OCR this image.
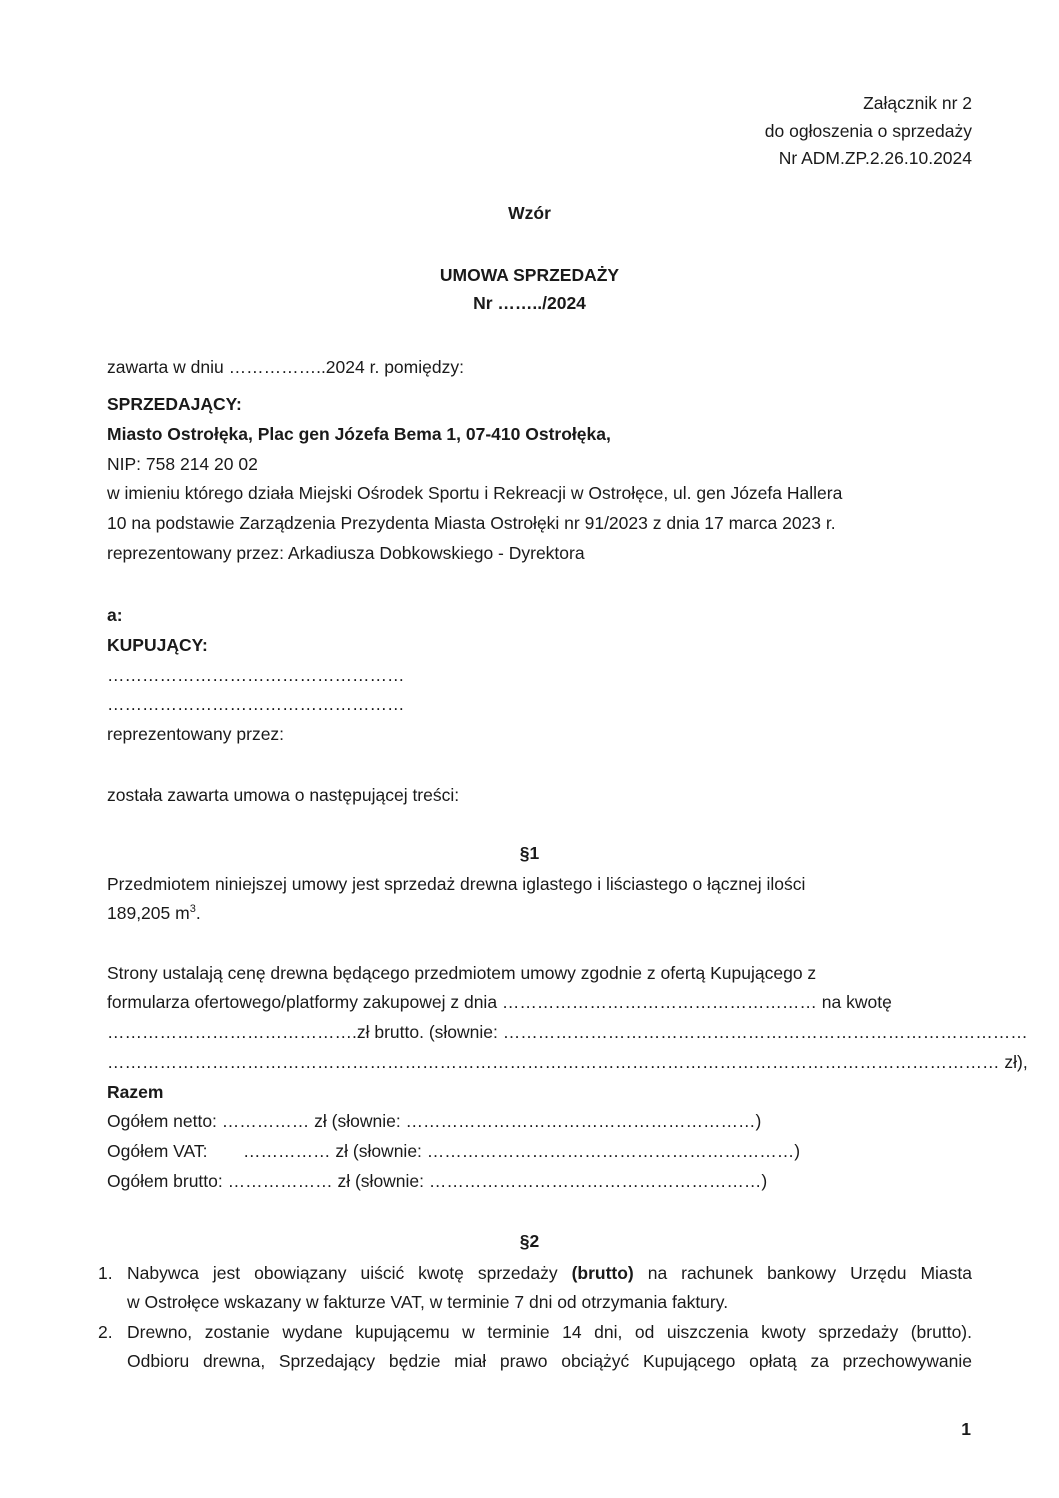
Załącznik nr 2
do ogłoszenia o sprzedaży
Nr ADM.ZP.2.26.10.2024
Wzór
UMOWA SPRZEDAŻY
Nr ……../2024
zawarta w dniu ……………..2024 r. pomiędzy:
SPRZEDAJĄCY:
Miasto Ostrołęka, Plac gen Józefa Bema 1, 07-410 Ostrołęka,
NIP: 758 214 20 02
w imieniu którego działa Miejski Ośrodek Sportu i Rekreacji w Ostrołęce, ul. gen Józefa Hallera
10 na podstawie Zarządzenia Prezydenta Miasta Ostrołęki nr 91/2023 z dnia 17 marca 2023 r.
reprezentowany przez: Arkadiusza Dobkowskiego - Dyrektora
a:
KUPUJĄCY:
……………………………………………
……………………………………………
reprezentowany przez:
została zawarta umowa o następującej treści:
§1
Przedmiotem niniejszej umowy jest sprzedaż drewna iglastego i liściastego o łącznej ilości
189,205 $m^3$.
Strony ustalają cenę drewna będącego przedmiotem umowy zgodnie z ofertą Kupującego z
formularza ofertowego/platformy zakupowej z dnia ……………………………………………… na kwotę
…………………………………….zł brutto. (słownie: ………………………………………………………………………………
……………………………………………………………………………………………………………………………………… zł),
Razem
Ogółem netto: …………… zł (słownie: ……………………………………………………)
Ogółem VAT: …………… zł (słownie: ………………………………………………………)
Ogółem brutto: ……………… zł (słownie: …………………………………………………)
§2
1. Nabywca jest obowiązany uiścić kwotę sprzedaży (brutto) na rachunek bankowy Urzędu Miasta
w Ostrołęce wskazany w fakturze VAT, w terminie 7 dni od otrzymania faktury.
2. Drewno, zostanie wydane kupującemu w terminie 14 dni, od uiszczenia kwoty sprzedaży (brutto).
Odbioru drewna, Sprzedający będzie miał prawo obciążyć Kupującego opłatą za przechowywanie
1
